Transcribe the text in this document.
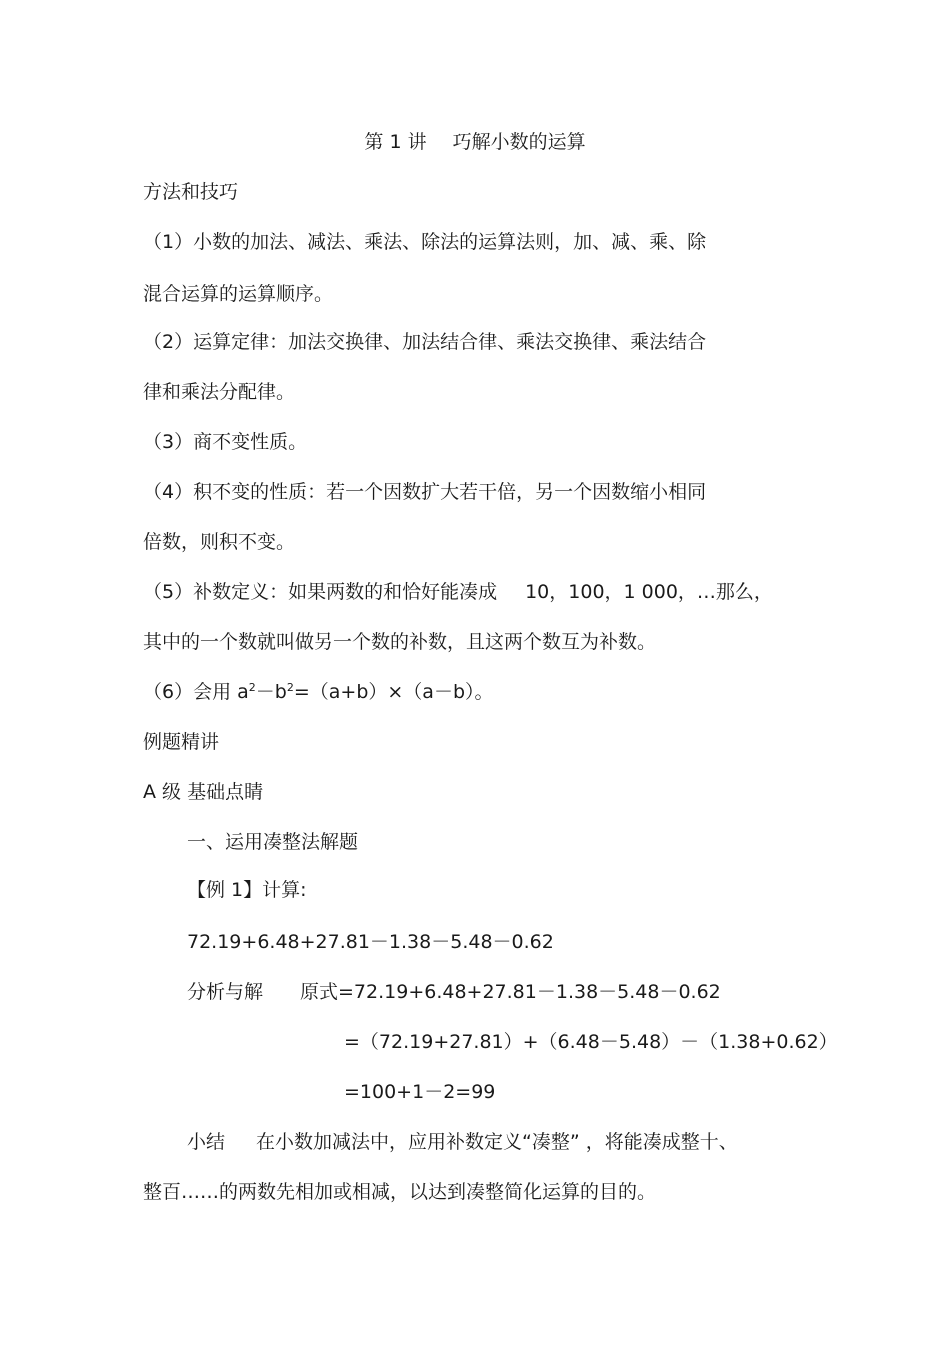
第 1 讲 巧解小数的运算
方法和技巧
（1）小数的加法、减法、乘法、除法的运算法则，加、减、乘、除
混合运算的运算顺序。
（2）运算定律：加法交换律、加法结合律、乘法交换律、乘法结合
律和乘法分配律。
（3）商不变性质。
（4）积不变的性质：若一个因数扩大若干倍，另一个因数缩小相同
倍数，则积不变。
（5）补数定义：如果两数的和恰好能凑成 10，100，1 000，…那么，
其中的一个数就叫做另一个数的补数，且这两个数互为补数。
（6）会用 $a^2-b^2=(a+b)\times(a-b)$。
例题精讲
A 级 基础点睛
一、运用凑整法解题
【例 1】计算:
72.19+6.48+27.81－1.38－5.48－0.62
分析与解 原式=72.19+6.48+27.81－1.38－5.48－0.62
=（72.19+27.81）+（6.48－5.48）－（1.38+0.62）
=100+1－2=99
小结 在小数加减法中，应用补数定义“凑整” ，将能凑成整十、
整百……的两数先相加或相减，以达到凑整简化运算的目的。
